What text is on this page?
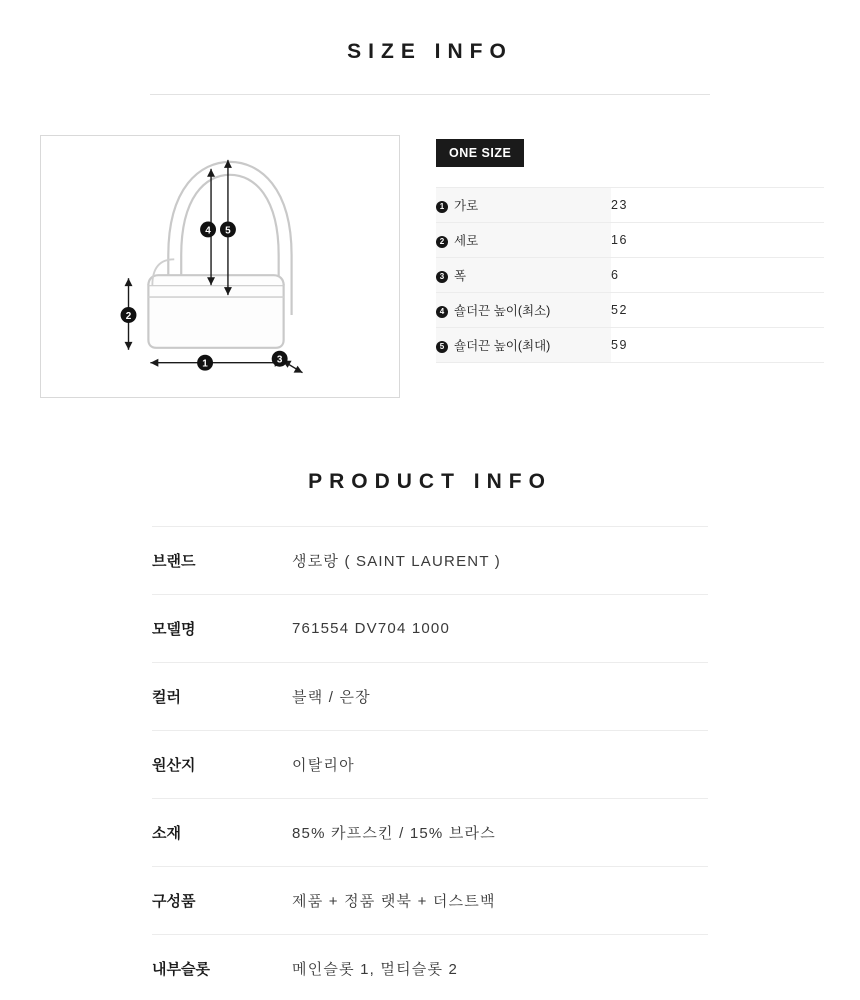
SIZE INFO
1
2
3
4 5
ONE SIZE
1 가로	23
2 세로	16
3 폭	6
4 숄더끈 높이(최소)	52
5 숄더끈 높이(최대)	59
PRODUCT INFO
브랜드	생로랑 ( SAINT LAURENT )
모델명	761554 DV704 1000
컬러	블랙 / 은장
원산지	이탈리아
소재	85% 카프스킨 / 15% 브라스
구성품	제품 + 정품 랫북 + 더스트백
내부슬롯	메인슬롯 1, 멀티슬롯 2
